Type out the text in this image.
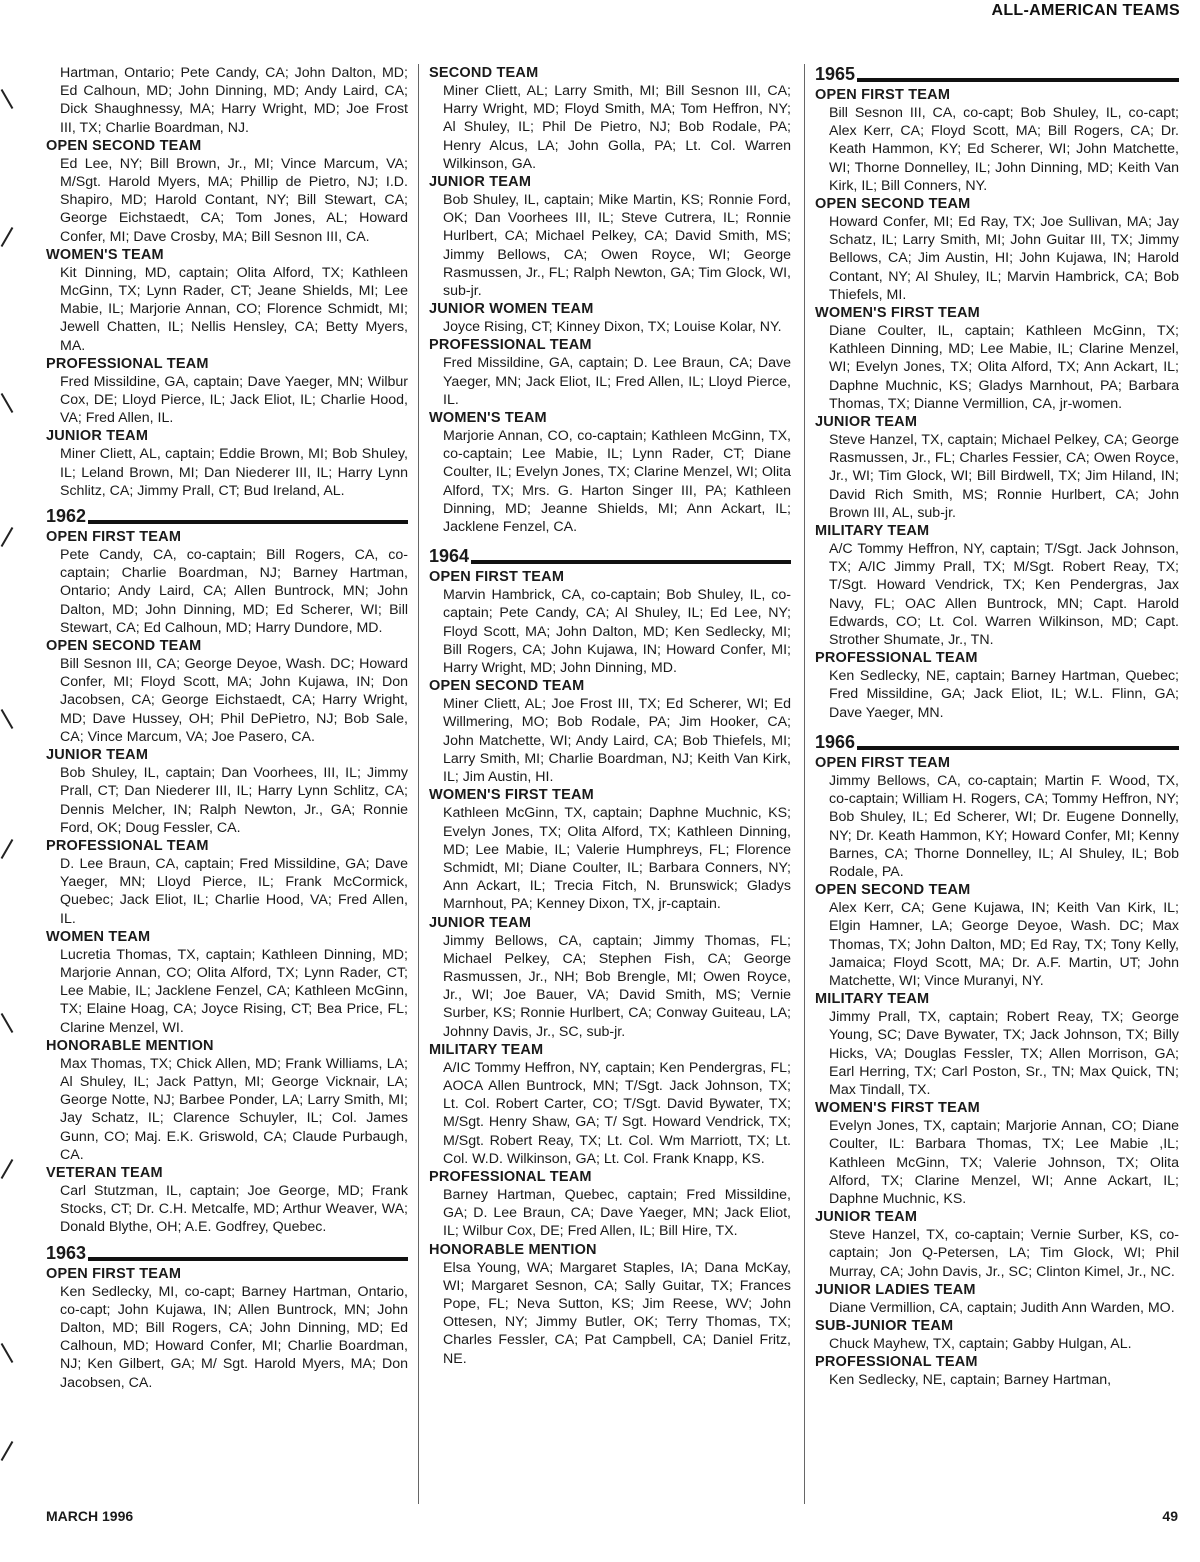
ALL-AMERICAN TEAMS

Hartman, Ontario; Pete Candy, CA; John Dalton, MD; Ed Calhoun, MD; John Dinning, MD; Andy Laird, CA; Dick Shaughnessy, MA; Harry Wright, MD; Joe Frost III, TX; Charlie Boardman, NJ.

OPEN SECOND TEAM

Ed Lee, NY; Bill Brown, Jr., MI; Vince Marcum, VA; M/Sgt. Harold Myers, MA; Phillip de Pietro, NJ; I.D. Shapiro, MD; Harold Contant, NY; Bill Stewart, CA; George Eichstaedt, CA; Tom Jones, AL; Howard Confer, MI; Dave Crosby, MA; Bill Sesnon III, CA.

WOMEN'S TEAM

Kit Dinning, MD, captain; Olita Alford, TX; Kathleen McGinn, TX; Lynn Rader, CT; Jeane Shields, MI; Lee Mabie, IL; Marjorie Annan, CO; Florence Schmidt, MI; Jewell Chatten, IL; Nellis Hensley, CA; Betty Myers, MA.

PROFESSIONAL TEAM

Fred Missildine, GA, captain; Dave Yaeger, MN; Wilbur Cox, DE; Lloyd Pierce, IL; Jack Eliot, IL; Charlie Hood, VA; Fred Allen, IL.

JUNIOR TEAM

Miner Cliett, AL, captain; Eddie Brown, MI; Bob Shuley, IL; Leland Brown, MI; Dan Niederer III, IL; Harry Lynn Schlitz, CA; Jimmy Prall, CT; Bud Ireland, AL.

1962
OPEN FIRST TEAM

Pete Candy, CA, co-captain; Bill Rogers, CA, co-captain; Charlie Boardman, NJ; Barney Hartman, Ontario; Andy Laird, CA; Allen Buntrock, MN; John Dalton, MD; John Dinning, MD; Ed Scherer, WI; Bill Stewart, CA; Ed Calhoun, MD; Harry Dundore, MD.

OPEN SECOND TEAM

Bill Sesnon III, CA; George Deyoe, Wash. DC; Howard Confer, MI; Floyd Scott, MA; John Kujawa, IN; Don Jacobsen, CA; George Eichstaedt, CA; Harry Wright, MD; Dave Hussey, OH; Phil DePietro, NJ; Bob Sale, CA; Vince Marcum, VA; Joe Pasero, CA.

JUNIOR TEAM

Bob Shuley, IL, captain; Dan Voorhees, III, IL; Jimmy Prall, CT; Dan Niederer III, IL; Harry Lynn Schlitz, CA; Dennis Melcher, IN; Ralph Newton, Jr., GA; Ronnie Ford, OK; Doug Fessler, CA.

PROFESSIONAL TEAM

D. Lee Braun, CA, captain; Fred Missildine, GA; Dave Yaeger, MN; Lloyd Pierce, IL; Frank McCormick, Quebec; Jack Eliot, IL; Charlie Hood, VA; Fred Allen, IL.

WOMEN TEAM

Lucretia Thomas, TX, captain; Kathleen Dinning, MD; Marjorie Annan, CO; Olita Alford, TX; Lynn Rader, CT; Lee Mabie, IL; Jacklene Fenzel, CA; Kathleen McGinn, TX; Elaine Hoag, CA; Joyce Rising, CT; Bea Price, FL; Clarine Menzel, WI.

HONORABLE MENTION

Max Thomas, TX; Chick Allen, MD; Frank Williams, LA; Al Shuley, IL; Jack Pattyn, MI; George Vicknair, LA; George Notte, NJ; Barbee Ponder, LA; Larry Smith, MI; Jay Schatz, IL; Clarence Schuyler, IL; Col. James Gunn, CO; Maj. E.K. Griswold, CA; Claude Purbaugh, CA.

VETERAN TEAM

Carl Stutzman, IL, captain; Joe George, MD; Frank Stocks, CT; Dr. C.H. Metcalfe, MD; Arthur Weaver, WA; Donald Blythe, OH; A.E. Godfrey, Quebec.

1963
OPEN FIRST TEAM

Ken Sedlecky, MI, co-capt; Barney Hartman, Ontario, co-capt; John Kujawa, IN; Allen Buntrock, MN; John Dalton, MD; Bill Rogers, CA; John Dinning, MD; Ed Calhoun, MD; Howard Confer, MI; Charlie Boardman, NJ; Ken Gilbert, GA; M/ Sgt. Harold Myers, MA; Don Jacobsen, CA.

SECOND TEAM

Miner Cliett, AL; Larry Smith, MI; Bill Sesnon III, CA; Harry Wright, MD; Floyd Smith, MA; Tom Heffron, NY; Al Shuley, IL; Phil De Pietro, NJ; Bob Rodale, PA; Henry Alcus, LA; John Golla, PA; Lt. Col. Warren Wilkinson, GA.

JUNIOR TEAM

Bob Shuley, IL, captain; Mike Martin, KS; Ronnie Ford, OK; Dan Voorhees III, IL; Steve Cutrera, IL; Ronnie Hurlbert, CA; Michael Pelkey, CA; David Smith, MS; Jimmy Bellows, CA; Owen Royce, WI; George Rasmussen, Jr., FL; Ralph Newton, GA; Tim Glock, WI, sub-jr.

JUNIOR WOMEN TEAM

Joyce Rising, CT; Kinney Dixon, TX; Louise Kolar, NY.

PROFESSIONAL TEAM

Fred Missildine, GA, captain; D. Lee Braun, CA; Dave Yaeger, MN; Jack Eliot, IL; Fred Allen, IL; Lloyd Pierce, IL.

WOMEN'S TEAM

Marjorie Annan, CO, co-captain; Kathleen McGinn, TX, co-captain; Lee Mabie, IL; Lynn Rader, CT; Diane Coulter, IL; Evelyn Jones, TX; Clarine Menzel, WI; Olita Alford, TX; Mrs. G. Harton Singer III, PA; Kathleen Dinning, MD; Jeanne Shields, MI; Ann Ackart, IL; Jacklene Fenzel, CA.

1964
OPEN FIRST TEAM

Marvin Hambrick, CA, co-captain; Bob Shuley, IL, co-captain; Pete Candy, CA; Al Shuley, IL; Ed Lee, NY; Floyd Scott, MA; John Dalton, MD; Ken Sedlecky, MI; Bill Rogers, CA; John Kujawa, IN; Howard Confer, MI; Harry Wright, MD; John Dinning, MD.

OPEN SECOND TEAM

Miner Cliett, AL; Joe Frost III, TX; Ed Scherer, WI; Ed Willmering, MO; Bob Rodale, PA; Jim Hooker, CA; John Matchette, WI; Andy Laird, CA; Bob Thiefels, MI; Larry Smith, MI; Charlie Boardman, NJ; Keith Van Kirk, IL; Jim Austin, HI.

WOMEN'S FIRST TEAM

Kathleen McGinn, TX, captain; Daphne Muchnic, KS; Evelyn Jones, TX; Olita Alford, TX; Kathleen Dinning, MD; Lee Mabie, IL; Valerie Humphreys, FL; Florence Schmidt, MI; Diane Coulter, IL; Barbara Conners, NY; Ann Ackart, IL; Trecia Fitch, N. Brunswick; Gladys Marnhout, PA; Kenney Dixon, TX, jr-captain.

JUNIOR TEAM

Jimmy Bellows, CA, captain; Jimmy Thomas, FL; Michael Pelkey, CA; Stephen Fish, CA; George Rasmussen, Jr., NH; Bob Brengle, MI; Owen Royce, Jr., WI; Joe Bauer, VA; David Smith, MS; Vernie Surber, KS; Ronnie Hurlbert, CA; Conway Guiteau, LA; Johnny Davis, Jr., SC, sub-jr.

MILITARY TEAM

A/IC Tommy Heffron, NY, captain; Ken Pendergras, FL; AOCA Allen Buntrock, MN; T/Sgt. Jack Johnson, TX; Lt. Col. Robert Carter, CO; T/Sgt. David Bywater, TX; M/Sgt. Henry Shaw, GA; T/ Sgt. Howard Vendrick, TX; M/Sgt. Robert Reay, TX; Lt. Col. Wm Marriott, TX; Lt. Col. W.D. Wilkinson, GA; Lt. Col. Frank Knapp, KS.

PROFESSIONAL TEAM

Barney Hartman, Quebec, captain; Fred Missildine, GA; D. Lee Braun, CA; Dave Yaeger, MN; Jack Eliot, IL; Wilbur Cox, DE; Fred Allen, IL; Bill Hire, TX.

HONORABLE MENTION

Elsa Young, WA; Margaret Staples, IA; Dana McKay, WI; Margaret Sesnon, CA; Sally Guitar, TX; Frances Pope, FL; Neva Sutton, KS; Jim Reese, WV; John Ottesen, NY; Jimmy Butler, OK; Terry Thomas, TX; Charles Fessler, CA; Pat Campbell, CA; Daniel Fritz, NE.

1965
OPEN FIRST TEAM

Bill Sesnon III, CA, co-capt; Bob Shuley, IL, co-capt; Alex Kerr, CA; Floyd Scott, MA; Bill Rogers, CA; Dr. Keath Hammon, KY; Ed Scherer, WI; John Matchette, WI; Thorne Donnelley, IL; John Dinning, MD; Keith Van Kirk, IL; Bill Conners, NY.

OPEN SECOND TEAM

Howard Confer, MI; Ed Ray, TX; Joe Sullivan, MA; Jay Schatz, IL; Larry Smith, MI; John Guitar III, TX; Jimmy Bellows, CA; Jim Austin, HI; John Kujawa, IN; Harold Contant, NY; Al Shuley, IL; Marvin Hambrick, CA; Bob Thiefels, MI.

WOMEN'S FIRST TEAM

Diane Coulter, IL, captain; Kathleen McGinn, TX; Kathleen Dinning, MD; Lee Mabie, IL; Clarine Menzel, WI; Evelyn Jones, TX; Olita Alford, TX; Ann Ackart, IL; Daphne Muchnic, KS; Gladys Marnhout, PA; Barbara Thomas, TX; Dianne Vermillion, CA, jr-women.

JUNIOR TEAM

Steve Hanzel, TX, captain; Michael Pelkey, CA; George Rasmussen, Jr., FL; Charles Fessier, CA; Owen Royce, Jr., WI; Tim Glock, WI; Bill Birdwell, TX; Jim Hiland, IN; David Rich Smith, MS; Ronnie Hurlbert, CA; John Brown III, AL, sub-jr.

MILITARY TEAM

A/C Tommy Heffron, NY, captain; T/Sgt. Jack Johnson, TX; A/IC Jimmy Prall, TX; M/Sgt. Robert Reay, TX; T/Sgt. Howard Vendrick, TX; Ken Pendergras, Jax Navy, FL; OAC Allen Buntrock, MN; Capt. Harold Edwards, CO; Lt. Col. Warren Wilkinson, MD; Capt. Strother Shumate, Jr., TN.

PROFESSIONAL TEAM

Ken Sedlecky, NE, captain; Barney Hartman, Quebec; Fred Missildine, GA; Jack Eliot, IL; W.L. Flinn, GA; Dave Yaeger, MN.

1966
OPEN FIRST TEAM

Jimmy Bellows, CA, co-captain; Martin F. Wood, TX, co-captain; William H. Rogers, CA; Tommy Heffron, NY; Bob Shuley, IL; Ed Scherer, WI; Dr. Eugene Donnelly, NY; Dr. Keath Hammon, KY; Howard Confer, MI; Kenny Barnes, CA; Thorne Donnelley, IL; Al Shuley, IL; Bob Rodale, PA.

OPEN SECOND TEAM

Alex Kerr, CA; Gene Kujawa, IN; Keith Van Kirk, IL; Elgin Hamner, LA; George Deyoe, Wash. DC; Max Thomas, TX; John Dalton, MD; Ed Ray, TX; Tony Kelly, Jamaica; Floyd Scott, MA; Dr. A.F. Martin, UT; John Matchette, WI; Vince Muranyi, NY.

MILITARY TEAM

Jimmy Prall, TX, captain; Robert Reay, TX; George Young, SC; Dave Bywater, TX; Jack Johnson, TX; Billy Hicks, VA; Douglas Fessler, TX; Allen Morrison, GA; Earl Herring, TX; Carl Poston, Sr., TN; Max Quick, TN; Max Tindall, TX.

WOMEN'S FIRST TEAM

Evelyn Jones, TX, captain; Marjorie Annan, CO; Diane Coulter, IL: Barbara Thomas, TX; Lee Mabie ,IL; Kathleen McGinn, TX; Valerie Johnson, TX; Olita Alford, TX; Clarine Menzel, WI; Anne Ackart, IL; Daphne Muchnic, KS.

JUNIOR TEAM

Steve Hanzel, TX, co-captain; Vernie Surber, KS, co-captain; Jon Q-Petersen, LA; Tim Glock, WI; Phil Murray, CA; John Davis, Jr., SC; Clinton Kimel, Jr., NC.

JUNIOR LADIES TEAM

Diane Vermillion, CA, captain; Judith Ann Warden, MO.

SUB-JUNIOR TEAM

Chuck Mayhew, TX, captain; Gabby Hulgan, AL.

PROFESSIONAL TEAM

Ken Sedlecky, NE, captain; Barney Hartman,

MARCH 1996	49
